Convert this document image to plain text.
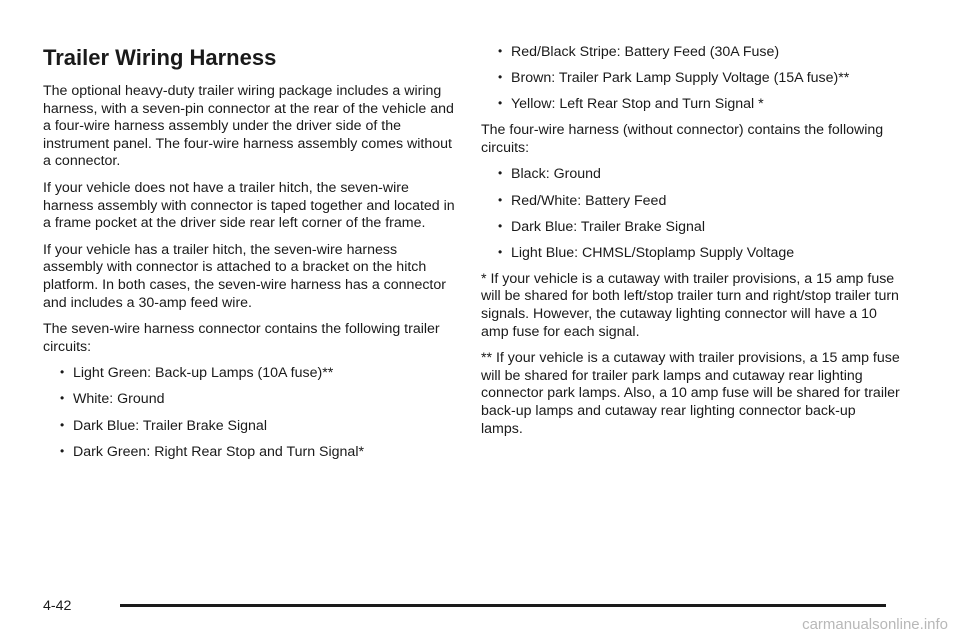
Trailer Wiring Harness

The optional heavy-duty trailer wiring package includes a wiring harness, with a seven-pin connector at the rear of the vehicle and a four-wire harness assembly under the driver side of the instrument panel. The four-wire harness assembly comes without a connector.

If your vehicle does not have a trailer hitch, the seven-wire harness assembly with connector is taped together and located in a frame pocket at the driver side rear left corner of the frame.

If your vehicle has a trailer hitch, the seven-wire harness assembly with connector is attached to a bracket on the hitch platform. In both cases, the seven-wire harness has a connector and includes a 30-amp feed wire.

The seven-wire harness connector contains the following trailer circuits:

• Light Green: Back-up Lamps (10A fuse)**
• White: Ground
• Dark Blue: Trailer Brake Signal
• Dark Green: Right Rear Stop and Turn Signal*
• Red/Black Stripe: Battery Feed (30A Fuse)
• Brown: Trailer Park Lamp Supply Voltage (15A fuse)**
• Yellow: Left Rear Stop and Turn Signal *

The four-wire harness (without connector) contains the following circuits:

• Black: Ground
• Red/White: Battery Feed
• Dark Blue: Trailer Brake Signal
• Light Blue: CHMSL/Stoplamp Supply Voltage

* If your vehicle is a cutaway with trailer provisions, a 15 amp fuse will be shared for both left/stop trailer turn and right/stop trailer turn signals. However, the cutaway lighting connector will have a 10 amp fuse for each signal.

** If your vehicle is a cutaway with trailer provisions, a 15 amp fuse will be shared for trailer park lamps and cutaway rear lighting connector park lamps. Also, a 10 amp fuse will be shared for trailer back-up lamps and cutaway rear lighting connector back-up lamps.

4-42
carmanualsonline.info
